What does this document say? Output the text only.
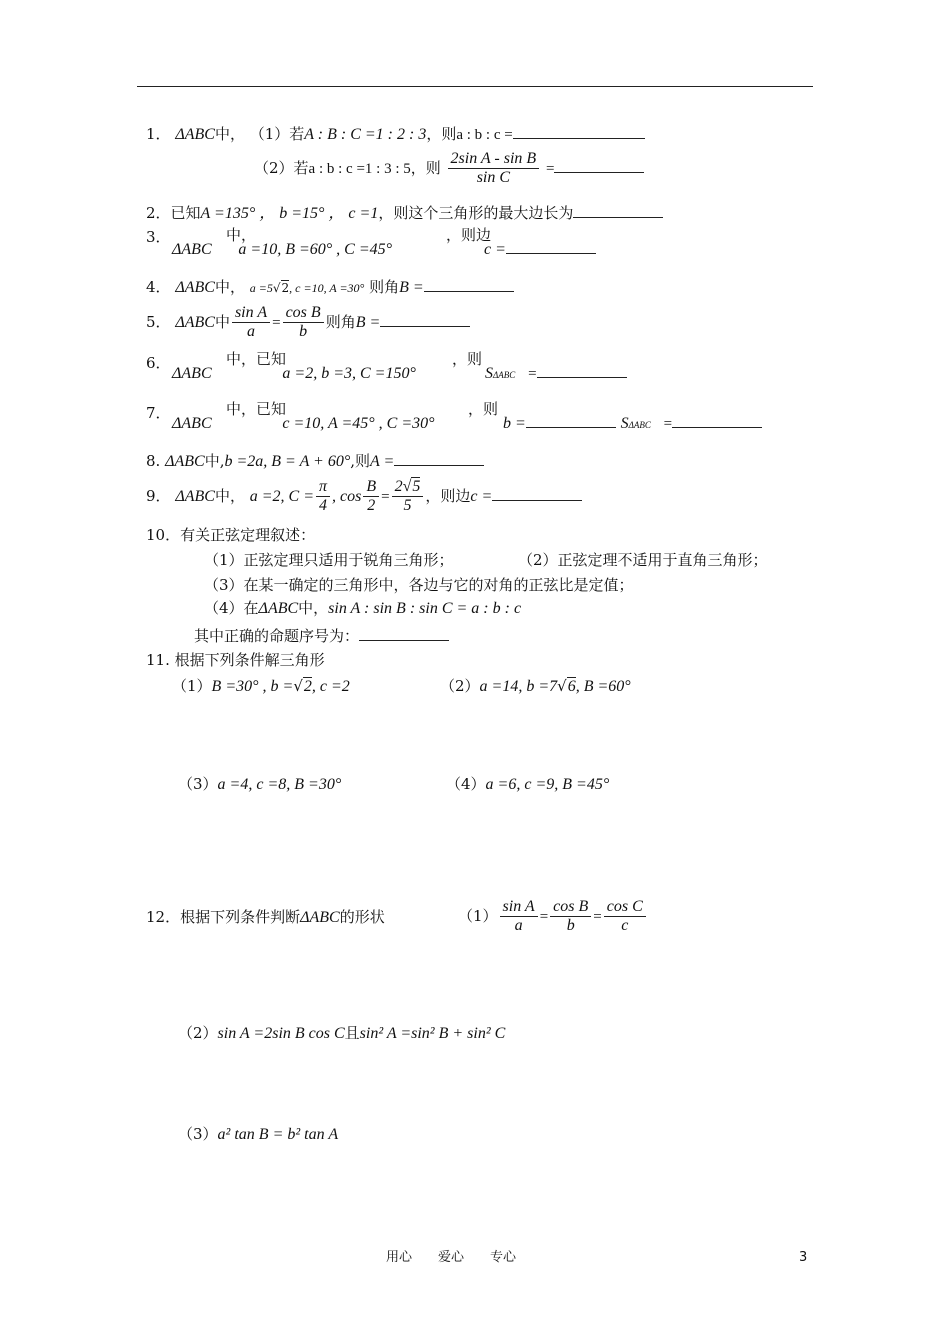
1． ΔABC中， （1）若A : B : C =1 : 2 : 3，则a : b : c =
（2）若a : b : c =1 : 3 : 5，则 $\frac{\text{2sin A - sin B}}{\text{sin C}}$ =
2．已知A =135° ， b =15° ， c =1，则这个三角形的最大边长为
3．	中，
ΔABC a =10, B =60° , C =45°
，则边
c =
4． ΔABC中， a =5√2, c =10, A =30° 则角B =
5． ΔABC中 $\frac{\text{sin A}}{a} = \frac{\text{cos B}}{b}$ 则角B =
6．	中，已知
ΔABC	a =2, b =3, C =150°
，则
SΔABC =
7．	中，已知
ΔABC	c =10, A =45° , C =30°
，则
b =	SΔABC =
8. ΔABC中,b =2a, B = A + 60°,则A =
9． ΔABC中， a =2, $C = \frac{\pi}{4}$ , $\cos \frac{B}{2} = \frac{2√5}{5}$ ，则边c =
10．有关正弦定理叙述：
（1）正弦定理只适用于锐角三角形；	（2）正弦定理不适用于直角三角形；
（3）在某一确定的三角形中，各边与它的对角的正弦比是定值；
（4）在ΔABC中，sin A : sin B : sin C = a : b : c
其中正确的命题序号为：
11. 根据下列条件解三角形
（1）B =30° , b =√2, c =2	（2）a =14, b =7√6, B =60°
（3）a =4, c =8, B =30°	（4）a =6, c =9, B =45°
12．根据下列条件判断ΔABC的形状	$(1) \frac{\text{sin A}}{a} = \frac{\text{cos B}}{b} = \frac{\text{cos C}}{c}$
（2）sin A =2sin B cos C且sin² A =sin² B + sin² C
（3）a² tan B = b² tan A
用心　　爱心　　专心	3
